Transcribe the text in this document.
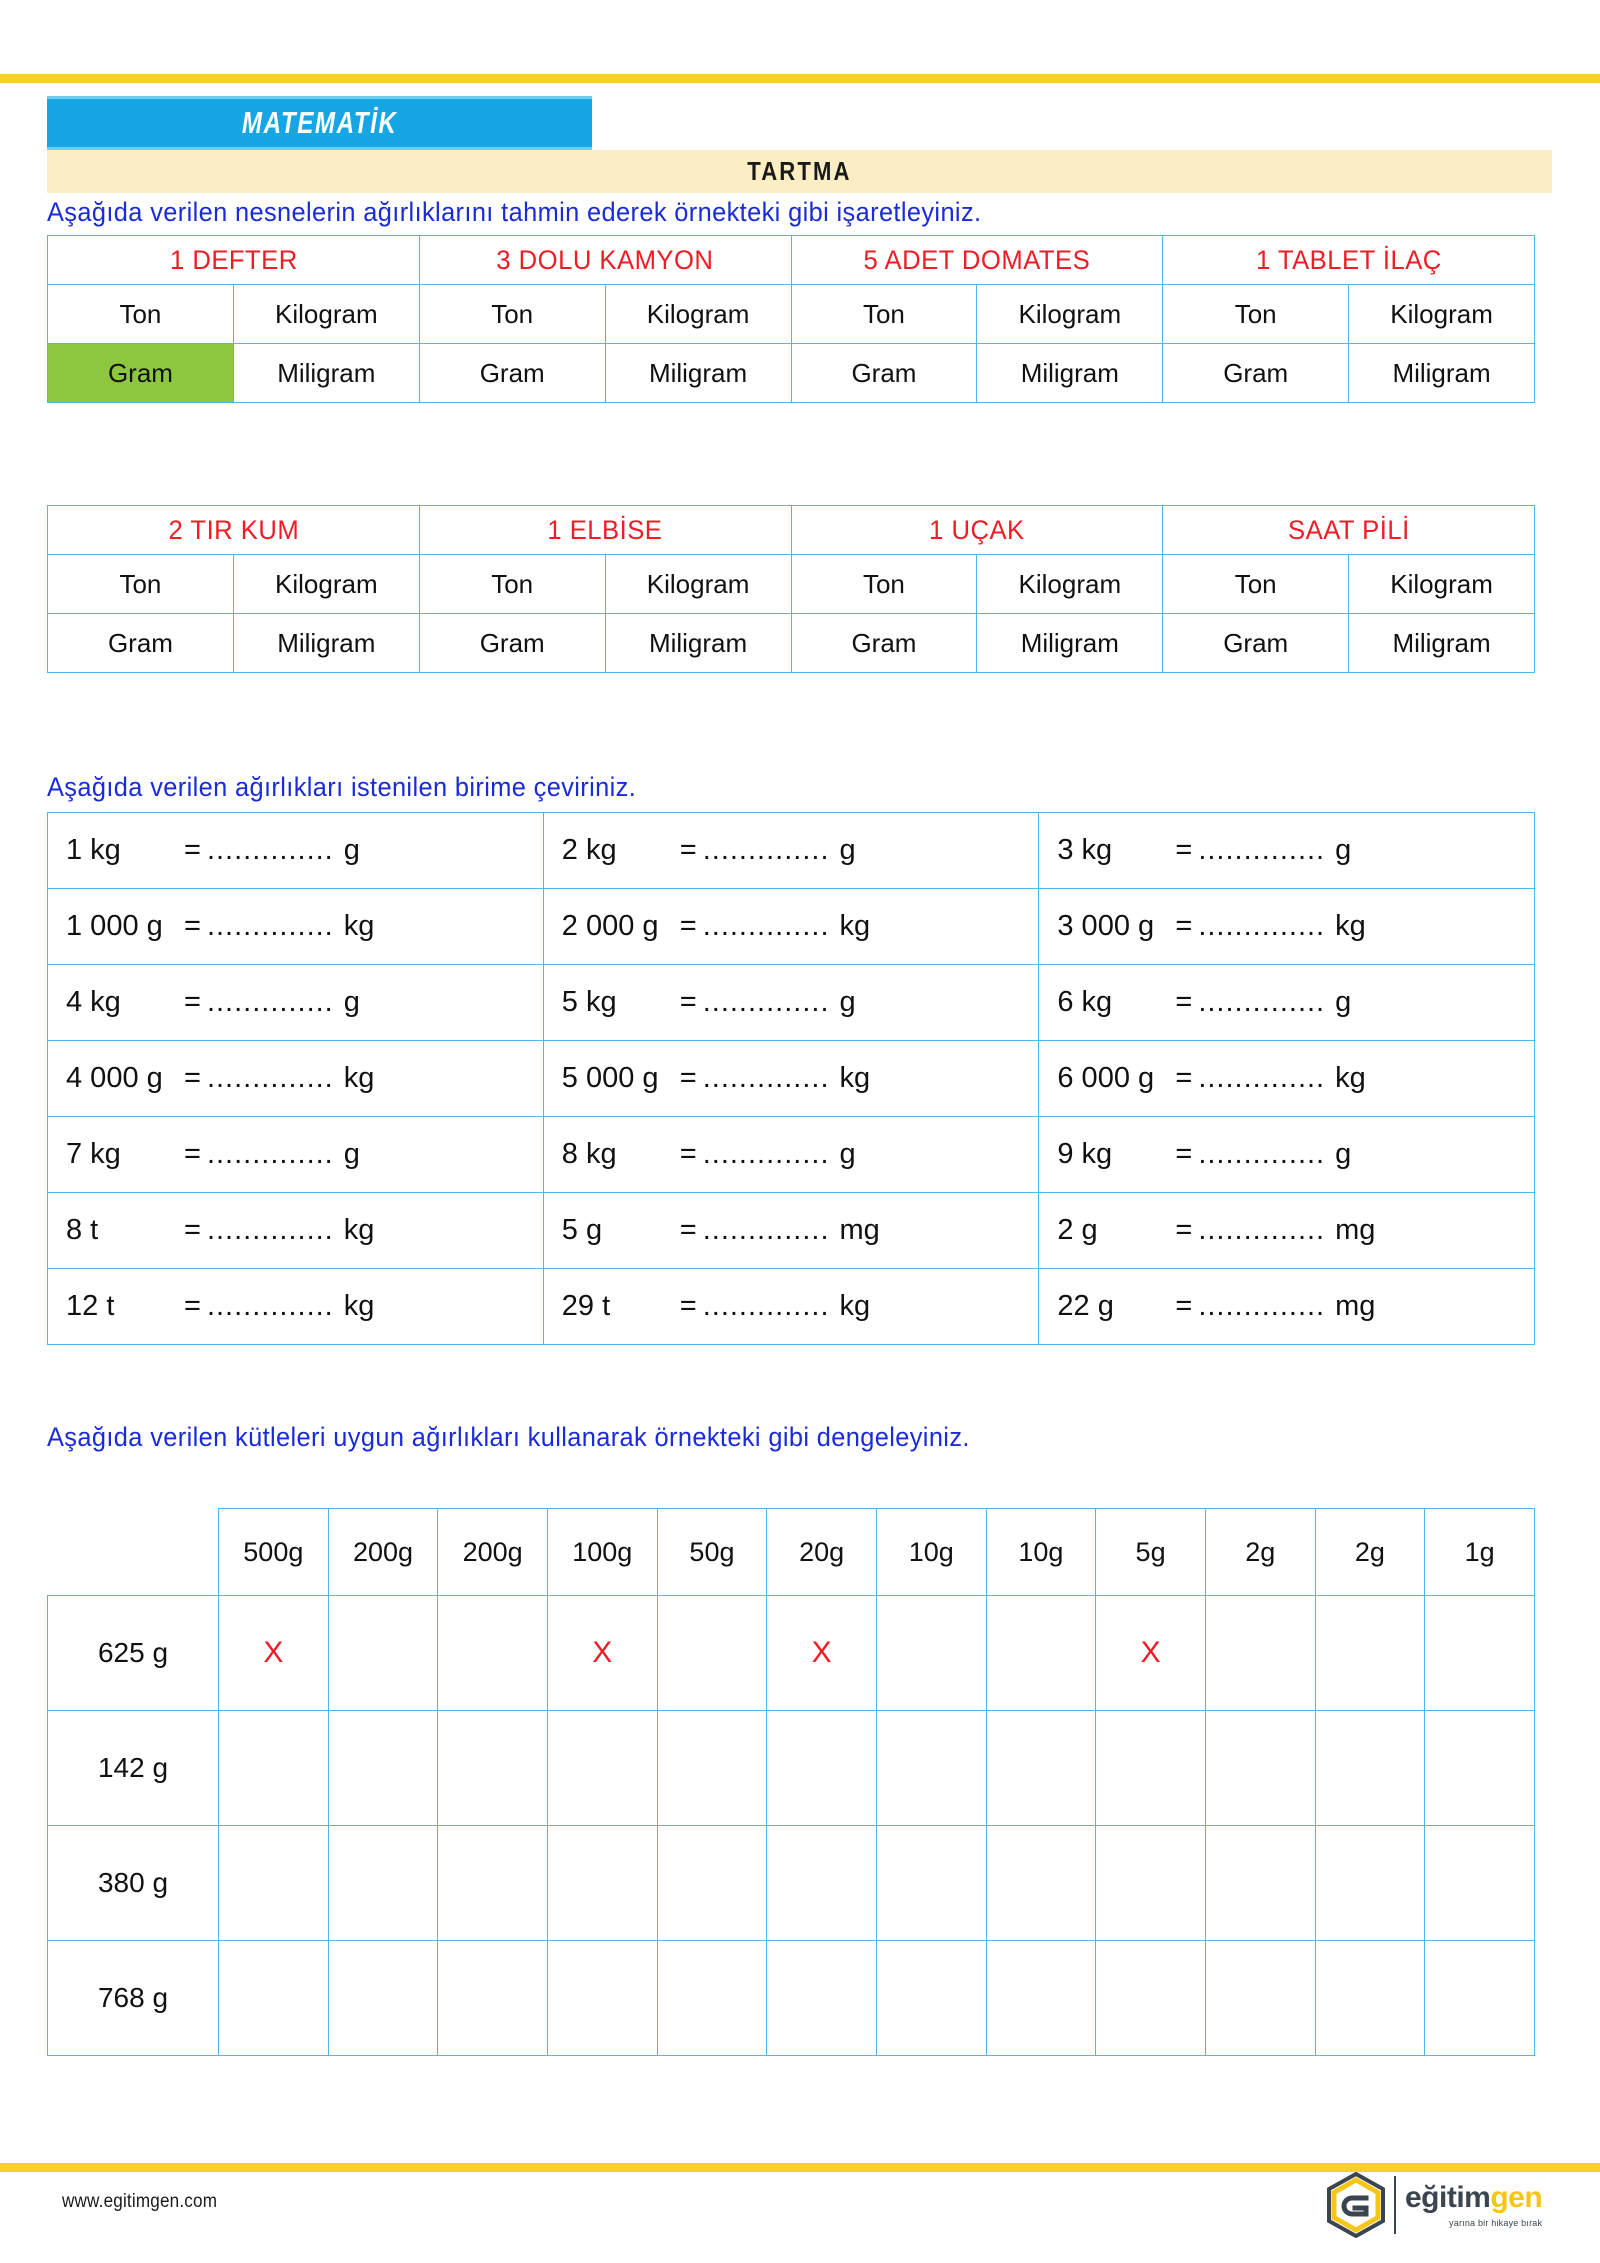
MATEMATİK
TARTMA
Aşağıda verilen nesnelerin ağırlıklarını tahmin ederek örnekteki gibi işaretleyiniz.
1 DEFTER		3 DOLU KAMYON		5 ADET DOMATES		1 TABLET İLAÇ	
Ton	Kilogram	Ton	Kilogram	Ton	Kilogram	Ton	Kilogram
Gram	Miligram	Gram	Miligram	Gram	Miligram	Gram	Miligram
2 TIR KUM		1 ELBİSE		1 UÇAK		SAAT PİLİ	
Ton	Kilogram	Ton	Kilogram	Ton	Kilogram	Ton	Kilogram
Gram	Miligram	Gram	Miligram	Gram	Miligram	Gram	Miligram
Aşağıda verilen ağırlıkları istenilen birime çeviriniz.
1 kg = .............. g	2 kg = .............. g	3 kg = .............. g

1 000 g = .............. kg	2 000 g = .............. kg	3 000 g = .............. kg

4 kg = .............. g	5 kg = .............. g	6 kg = .............. g

4 000 g = .............. kg	5 000 g = .............. kg	6 000 g = .............. kg

7 kg = .............. g	8 kg = .............. g	9 kg = .............. g

8 t = .............. kg	5 g = .............. mg	2 g = .............. mg

12 t = .............. kg	29 t = .............. kg	22 g = .............. mg
Aşağıda verilen kütleleri uygun ağırlıkları kullanarak örnekteki gibi dengeleyiniz.
	500g	200g	200g	100g	50g	20g	10g	10g	5g	2g	2g	1g
625 g	X			X		X			X			
142 g												
380 g												
768 g												
www.egitimgen.com	eğitimgen
yarına bir hikaye bırak
